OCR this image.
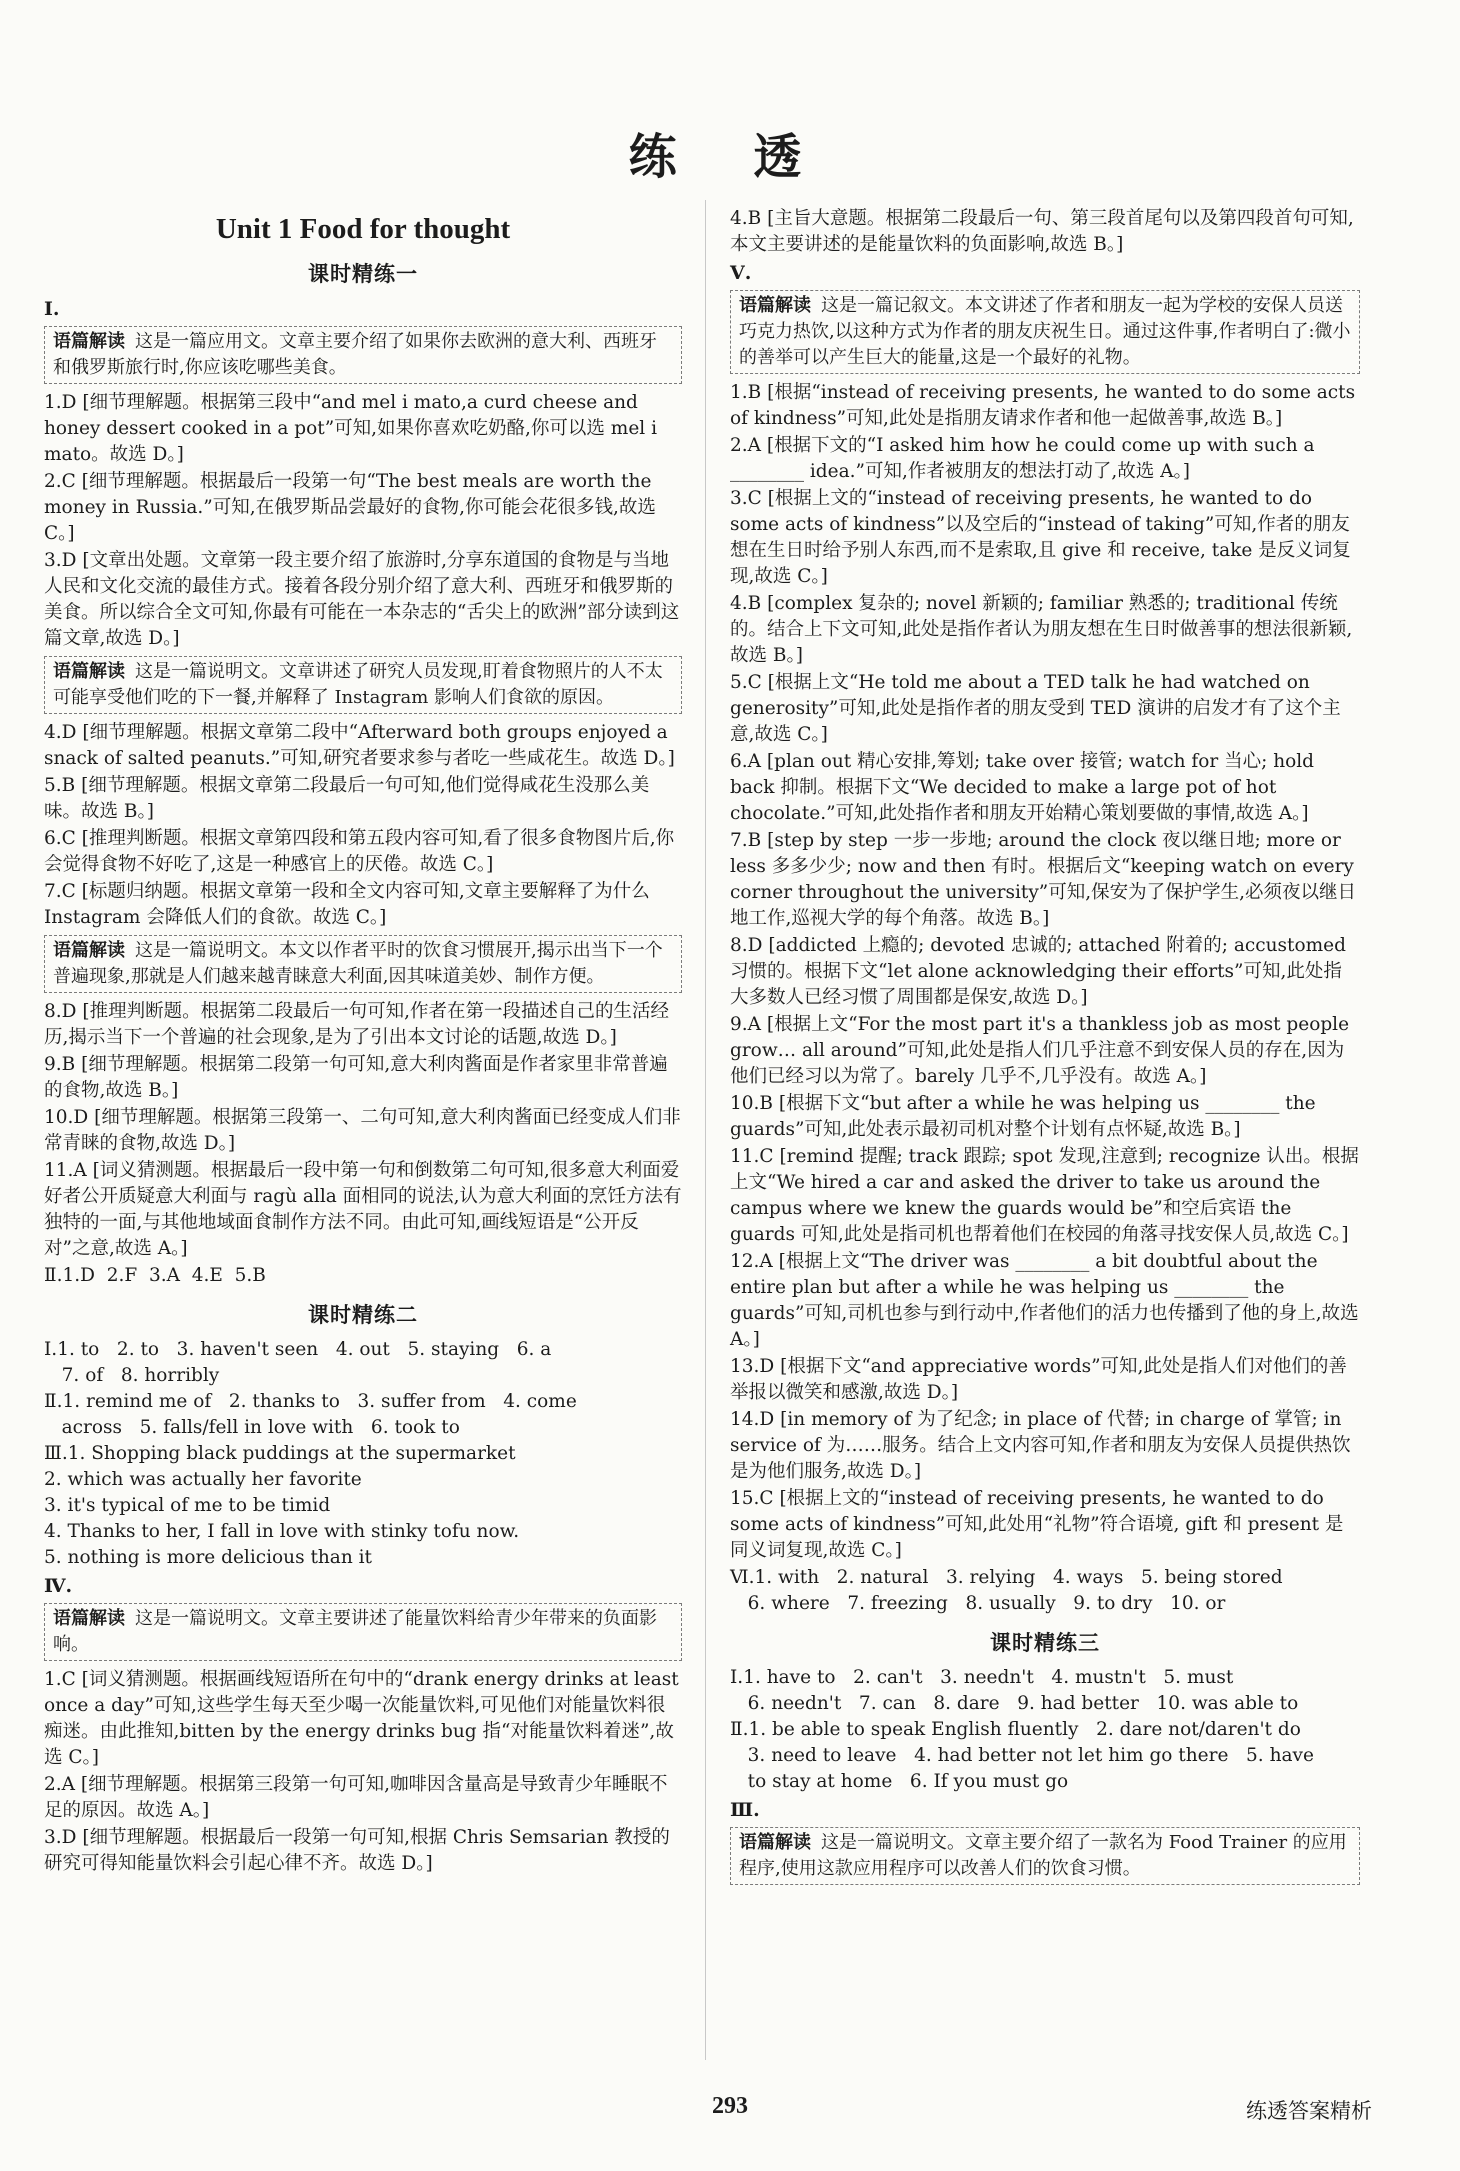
练 透
Unit 1 Food for thought
课时精练一
Ⅰ.
语篇解读 这是一篇应用文。文章主要介绍了如果你去欧洲的意大利、西班牙和俄罗斯旅行时,你应该吃哪些美食。
1.D [细节理解题。根据第三段中“and mel i mato,a curd cheese and honey dessert cooked in a pot”可知,如果你喜欢吃奶酪,你可以选 mel i mato。故选 D。]
2.C [细节理解题。根据最后一段第一句“The best meals are worth the money in Russia.”可知,在俄罗斯品尝最好的食物,你可能会花很多钱,故选 C。]
3.D [文章出处题。文章第一段主要介绍了旅游时,分享东道国的食物是与当地人民和文化交流的最佳方式。接着各段分别介绍了意大利、西班牙和俄罗斯的美食。所以综合全文可知,你最有可能在一本杂志的“舌尖上的欧洲”部分读到这篇文章,故选 D。]
语篇解读 这是一篇说明文。文章讲述了研究人员发现,盯着食物照片的人不太可能享受他们吃的下一餐,并解释了 Instagram 影响人们食欲的原因。
4.D [细节理解题。根据文章第二段中“Afterward both groups enjoyed a snack of salted peanuts.”可知,研究者要求参与者吃一些咸花生。故选 D。]
5.B [细节理解题。根据文章第二段最后一句可知,他们觉得咸花生没那么美味。故选 B。]
6.C [推理判断题。根据文章第四段和第五段内容可知,看了很多食物图片后,你会觉得食物不好吃了,这是一种感官上的厌倦。故选 C。]
7.C [标题归纳题。根据文章第一段和全文内容可知,文章主要解释了为什么 Instagram 会降低人们的食欲。故选 C。]
语篇解读 这是一篇说明文。本文以作者平时的饮食习惯展开,揭示出当下一个普遍现象,那就是人们越来越青睐意大利面,因其味道美妙、制作方便。
8.D [推理判断题。根据第二段最后一句可知,作者在第一段描述自己的生活经历,揭示当下一个普遍的社会现象,是为了引出本文讨论的话题,故选 D。]
9.B [细节理解题。根据第二段第一句可知,意大利肉酱面是作者家里非常普遍的食物,故选 B。]
10.D [细节理解题。根据第三段第一、二句可知,意大利肉酱面已经变成人们非常青睐的食物,故选 D。]
11.A [词义猜测题。根据最后一段中第一句和倒数第二句可知,很多意大利面爱好者公开质疑意大利面与 ragù alla 面相同的说法,认为意大利面的烹饪方法有独特的一面,与其他地域面食制作方法不同。由此可知,画线短语是“公开反对”之意,故选 A。]
Ⅱ.1.D  2.F  3.A  4.E  5.B
课时精练二
Ⅰ.1. to   2. to   3. haven't seen   4. out   5. staying   6. a
7. of   8. horribly
Ⅱ.1. remind me of   2. thanks to   3. suffer from   4. come
across   5. falls/fell in love with   6. took to
Ⅲ.1. Shopping black puddings at the supermarket
2. which was actually her favorite
3. it's typical of me to be timid
4. Thanks to her, I fall in love with stinky tofu now.
5. nothing is more delicious than it
Ⅳ.
语篇解读 这是一篇说明文。文章主要讲述了能量饮料给青少年带来的负面影响。
1.C [词义猜测题。根据画线短语所在句中的“drank energy drinks at least once a day”可知,这些学生每天至少喝一次能量饮料,可见他们对能量饮料很痴迷。由此推知,bitten by the energy drinks bug 指“对能量饮料着迷”,故选 C。]
2.A [细节理解题。根据第三段第一句可知,咖啡因含量高是导致青少年睡眠不足的原因。故选 A。]
3.D [细节理解题。根据最后一段第一句可知,根据 Chris Semsarian 教授的研究可得知能量饮料会引起心律不齐。故选 D。]
4.B [主旨大意题。根据第二段最后一句、第三段首尾句以及第四段首句可知,本文主要讲述的是能量饮料的负面影响,故选 B。]
Ⅴ.
语篇解读 这是一篇记叙文。本文讲述了作者和朋友一起为学校的安保人员送巧克力热饮,以这种方式为作者的朋友庆祝生日。通过这件事,作者明白了:微小的善举可以产生巨大的能量,这是一个最好的礼物。
1.B [根据“instead of receiving presents, he wanted to do some acts of kindness”可知,此处是指朋友请求作者和他一起做善事,故选 B。]
2.A [根据下文的“I asked him how he could come up with such a ________ idea.”可知,作者被朋友的想法打动了,故选 A。]
3.C [根据上文的“instead of receiving presents, he wanted to do some acts of kindness”以及空后的“instead of taking”可知,作者的朋友想在生日时给予别人东西,而不是索取,且 give 和 receive, take 是反义词复现,故选 C。]
4.B [complex 复杂的; novel 新颖的; familiar 熟悉的; traditional 传统的。结合上下文可知,此处是指作者认为朋友想在生日时做善事的想法很新颖,故选 B。]
5.C [根据上文“He told me about a TED talk he had watched on generosity”可知,此处是指作者的朋友受到 TED 演讲的启发才有了这个主意,故选 C。]
6.A [plan out 精心安排,筹划; take over 接管; watch for 当心; hold back 抑制。根据下文“We decided to make a large pot of hot chocolate.”可知,此处指作者和朋友开始精心策划要做的事情,故选 A。]
7.B [step by step 一步一步地; around the clock 夜以继日地; more or less 多多少少; now and then 有时。根据后文“keeping watch on every corner throughout the university”可知,保安为了保护学生,必须夜以继日地工作,巡视大学的每个角落。故选 B。]
8.D [addicted 上瘾的; devoted 忠诚的; attached 附着的; accustomed 习惯的。根据下文“let alone acknowledging their efforts”可知,此处指大多数人已经习惯了周围都是保安,故选 D。]
9.A [根据上文“For the most part it's a thankless job as most people grow… all around”可知,此处是指人们几乎注意不到安保人员的存在,因为他们已经习以为常了。barely 几乎不,几乎没有。故选 A。]
10.B [根据下文“but after a while he was helping us ________ the guards”可知,此处表示最初司机对整个计划有点怀疑,故选 B。]
11.C [remind 提醒; track 跟踪; spot 发现,注意到; recognize 认出。根据上文“We hired a car and asked the driver to take us around the campus where we knew the guards would be”和空后宾语 the guards 可知,此处是指司机也帮着他们在校园的角落寻找安保人员,故选 C。]
12.A [根据上文“The driver was ________ a bit doubtful about the entire plan but after a while he was helping us ________ the guards”可知,司机也参与到行动中,作者他们的活力也传播到了他的身上,故选 A。]
13.D [根据下文“and appreciative words”可知,此处是指人们对他们的善举报以微笑和感激,故选 D。]
14.D [in memory of 为了纪念; in place of 代替; in charge of 掌管; in service of 为……服务。结合上文内容可知,作者和朋友为安保人员提供热饮是为他们服务,故选 D。]
15.C [根据上文的“instead of receiving presents, he wanted to do some acts of kindness”可知,此处用“礼物”符合语境, gift 和 present 是同义词复现,故选 C。]
Ⅵ.1. with   2. natural   3. relying   4. ways   5. being stored
6. where   7. freezing   8. usually   9. to dry   10. or
课时精练三
Ⅰ.1. have to   2. can't   3. needn't   4. mustn't   5. must
6. needn't   7. can   8. dare   9. had better   10. was able to
Ⅱ.1. be able to speak English fluently   2. dare not/daren't do
3. need to leave   4. had better not let him go there   5. have
to stay at home   6. If you must go
Ⅲ.
语篇解读 这是一篇说明文。文章主要介绍了一款名为 Food Trainer 的应用程序,使用这款应用程序可以改善人们的饮食习惯。
293	练透答案精析
